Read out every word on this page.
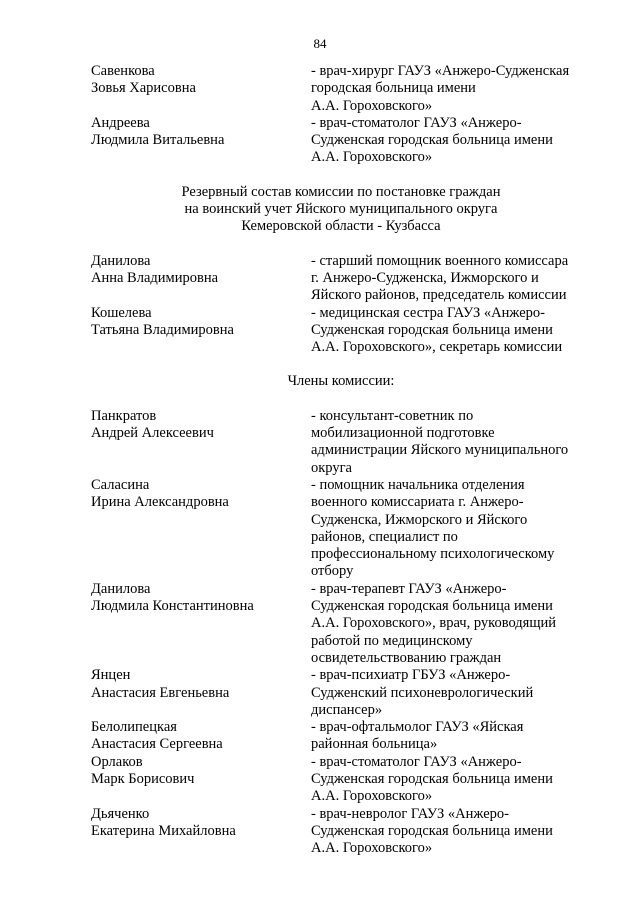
84
Савенкова
Зовья Харисовна
- врач-хирург ГАУЗ «Анжеро-Судженская
городская больница имени
А.А. Гороховского»
Андреева
Людмила Витальевна
- врач-стоматолог ГАУЗ «Анжеро-
Судженская городская больница имени
А.А. Гороховского»
Резервный состав комиссии по постановке граждан
на воинский учет Яйского муниципального округа
Кемеровской области - Кузбасса
Данилова
Анна Владимировна
- старший помощник военного комиссара
г. Анжеро-Судженска, Ижморского и
Яйского районов, председатель комиссии
Кошелева
Татьяна Владимировна
- медицинская сестра ГАУЗ «Анжеро-
Судженская городская больница имени
А.А. Гороховского», секретарь комиссии
Члены комиссии:
Панкратов
Андрей Алексеевич
- консультант-советник по
мобилизационной подготовке
администрации Яйского муниципального
округа
Саласина
Ирина Александровна
- помощник начальника отделения
военного комиссариата г. Анжеро-
Судженска, Ижморского и Яйского
районов, специалист по
профессиональному психологическому
отбору
Данилова
Людмила Константиновна
- врач-терапевт ГАУЗ «Анжеро-
Судженская городская больница имени
А.А. Гороховского», врач, руководящий
работой по медицинскому
освидетельствованию граждан
Янцен
Анастасия Евгеньевна
- врач-психиатр ГБУЗ «Анжеро-
Судженский психоневрологический
диспансер»
Белолипецкая
Анастасия Сергеевна
- врач-офтальмолог ГАУЗ «Яйская
районная больница»
Орлаков
Марк Борисович
- врач-стоматолог ГАУЗ «Анжеро-
Судженская городская больница имени
А.А. Гороховского»
Дьяченко
Екатерина Михайловна
- врач-невролог ГАУЗ «Анжеро-
Судженская городская больница имени
А.А. Гороховского»
